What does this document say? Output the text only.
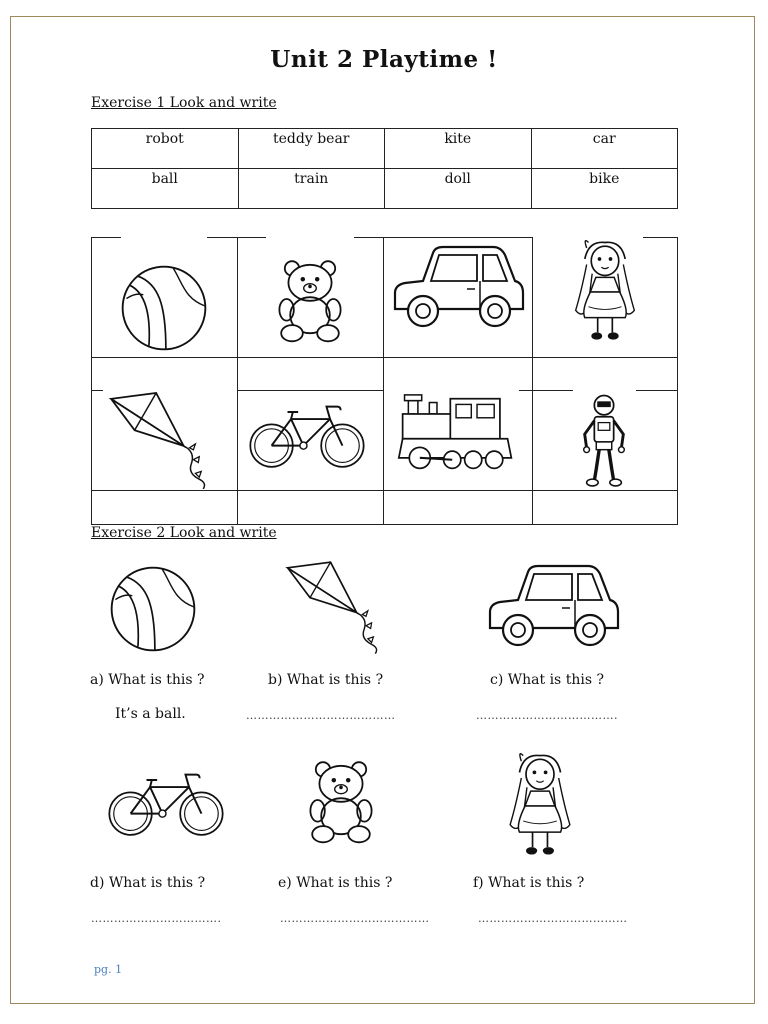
Unit 2 Playtime !
Exercise 1 Look and write
robot	teddy bear	kite	car
ball	train	doll	bike
Exercise 2 Look and write
a) What is this ?	b) What is this ?	c) What is this ?
It’s a ball.	…………………………………	……………………………….
d) What is this ?	e) What is this ?	f) What is this ?
…………………………….	…………………………………	…………………………………
pg. 1
